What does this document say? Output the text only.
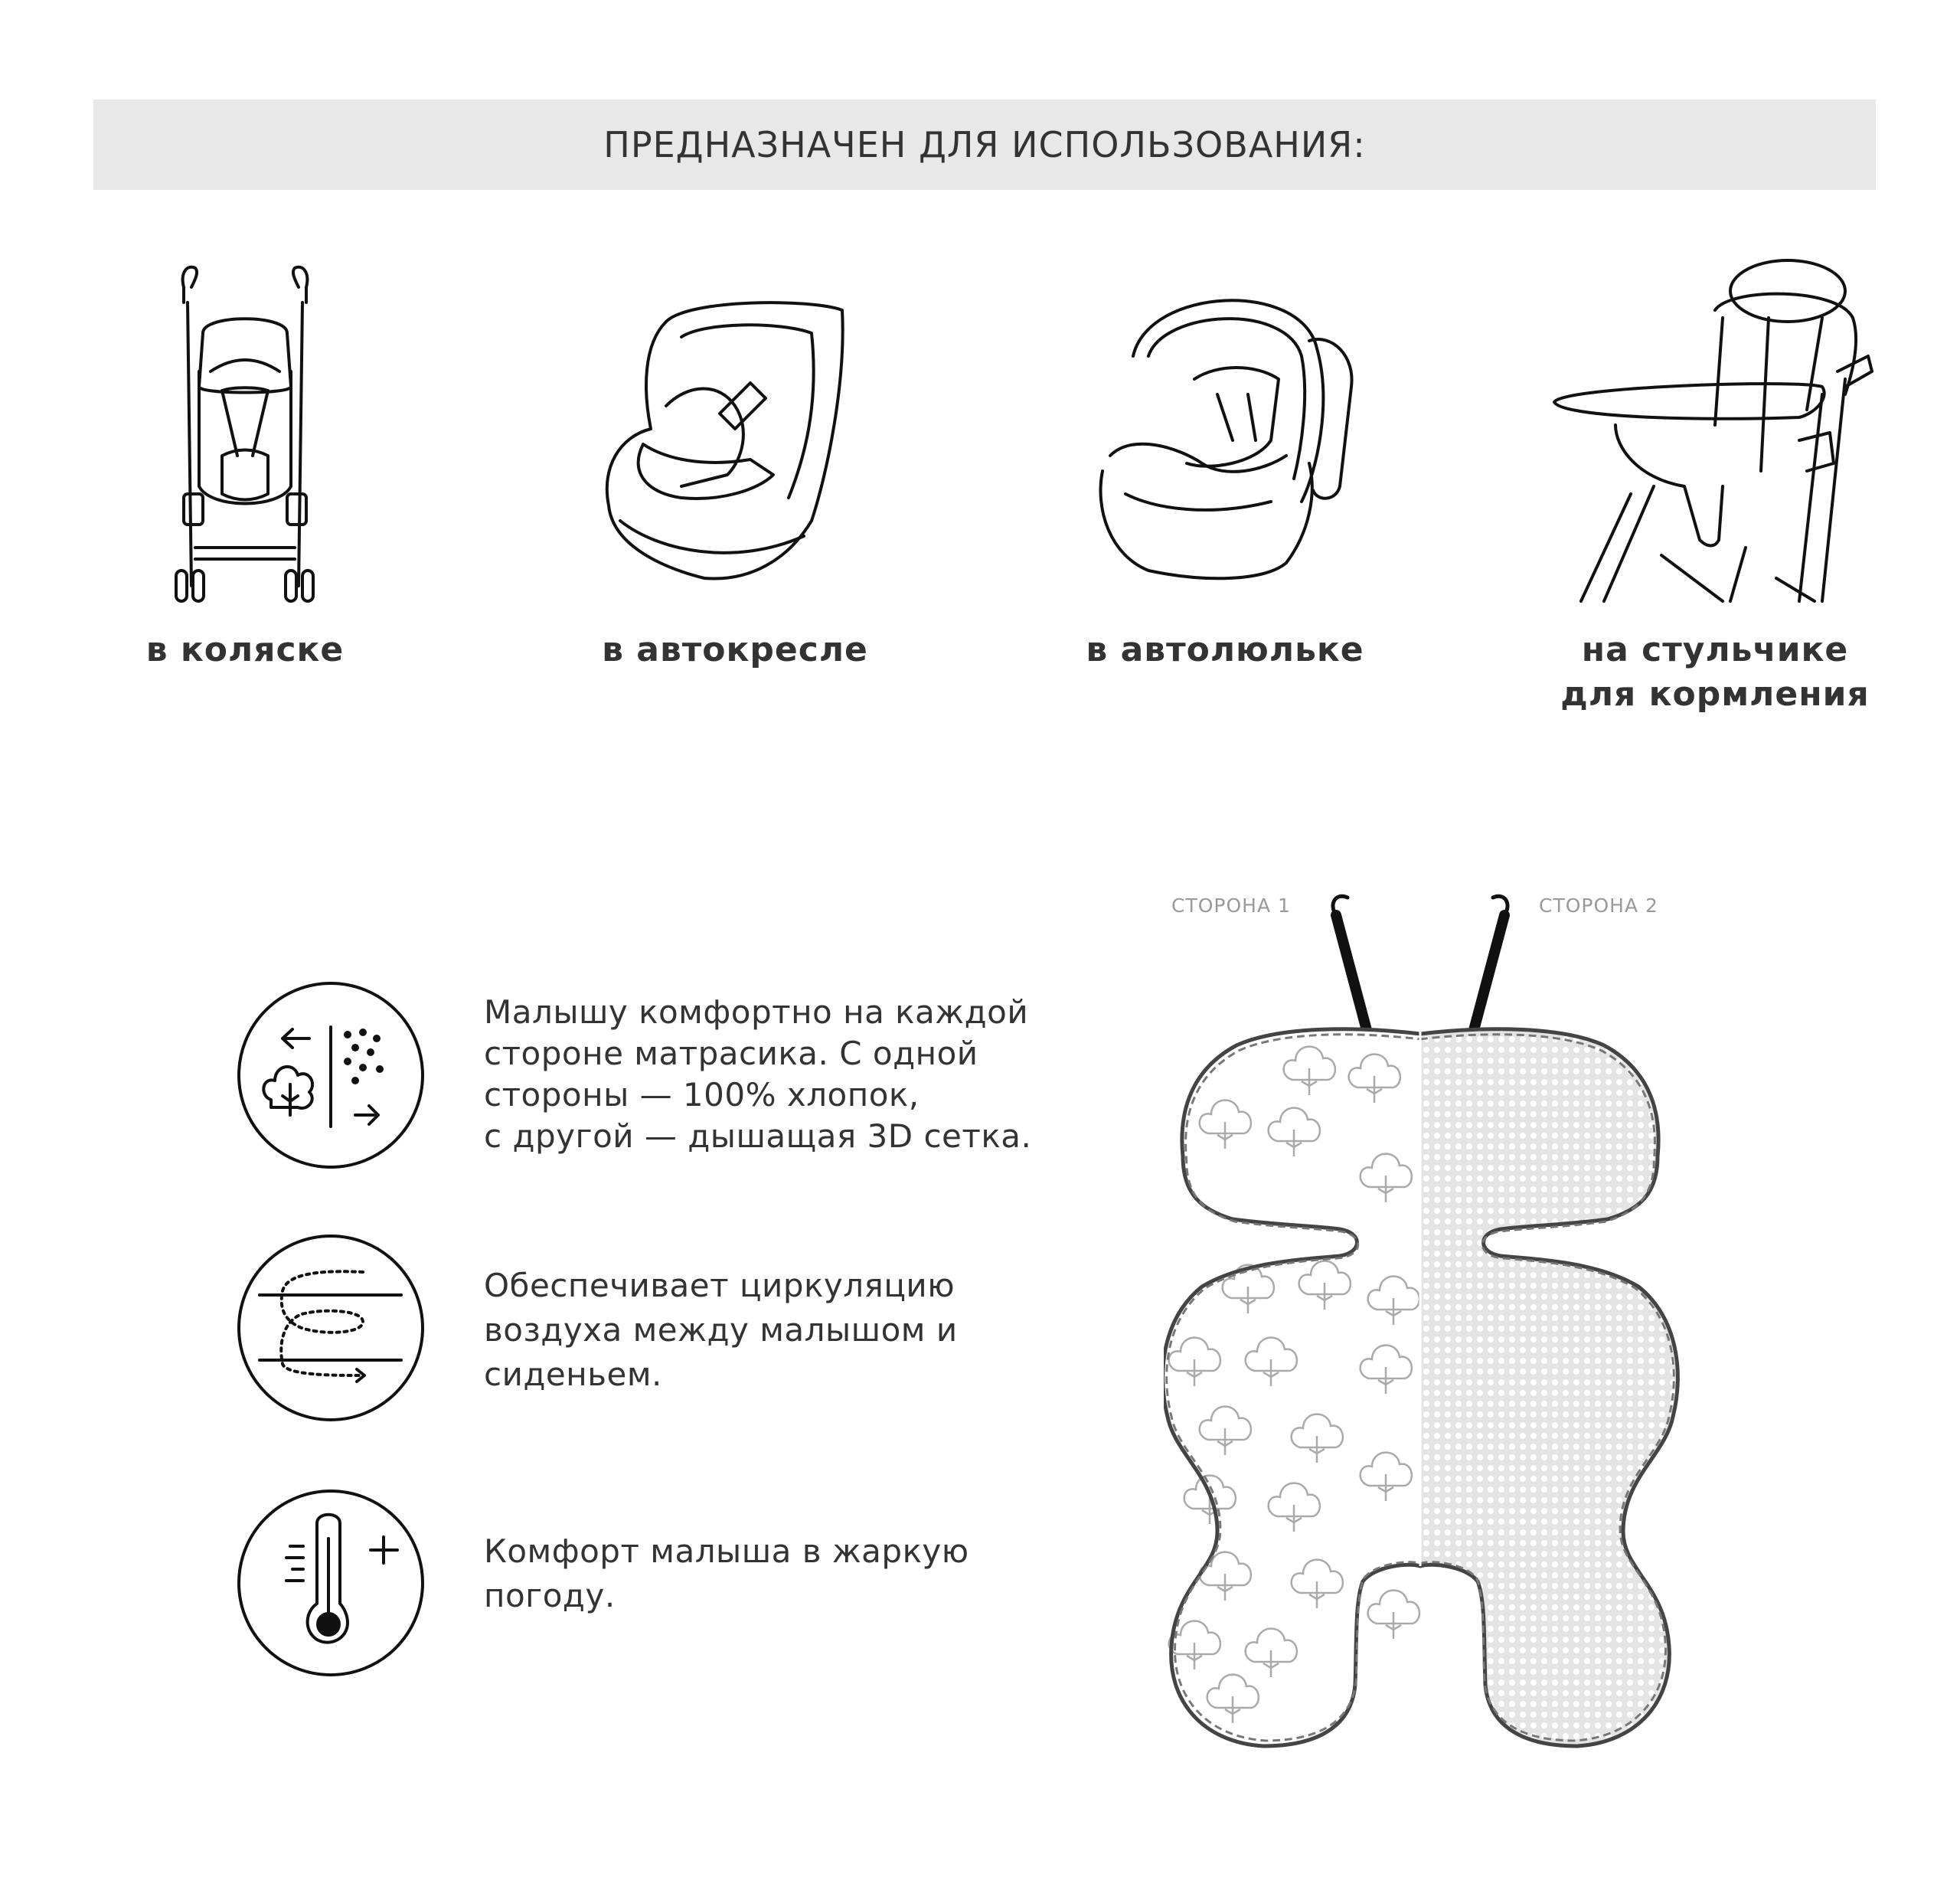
ПРЕДНАЗНАЧЕН ДЛЯ ИСПОЛЬЗОВАНИЯ:
в коляске	в автокресле	в автолюльке	на стульчике
для кормления
Малышу комфортно на каждой
стороне матрасика. С одной
стороны — 100% хлопок,
с другой — дышащая 3D сетка.
Обеспечивает циркуляцию
воздуха между малышом и
сиденьем.
Комфорт малыша в жаркую
погоду.
СТОРОНА 1	СТОРОНА 2
